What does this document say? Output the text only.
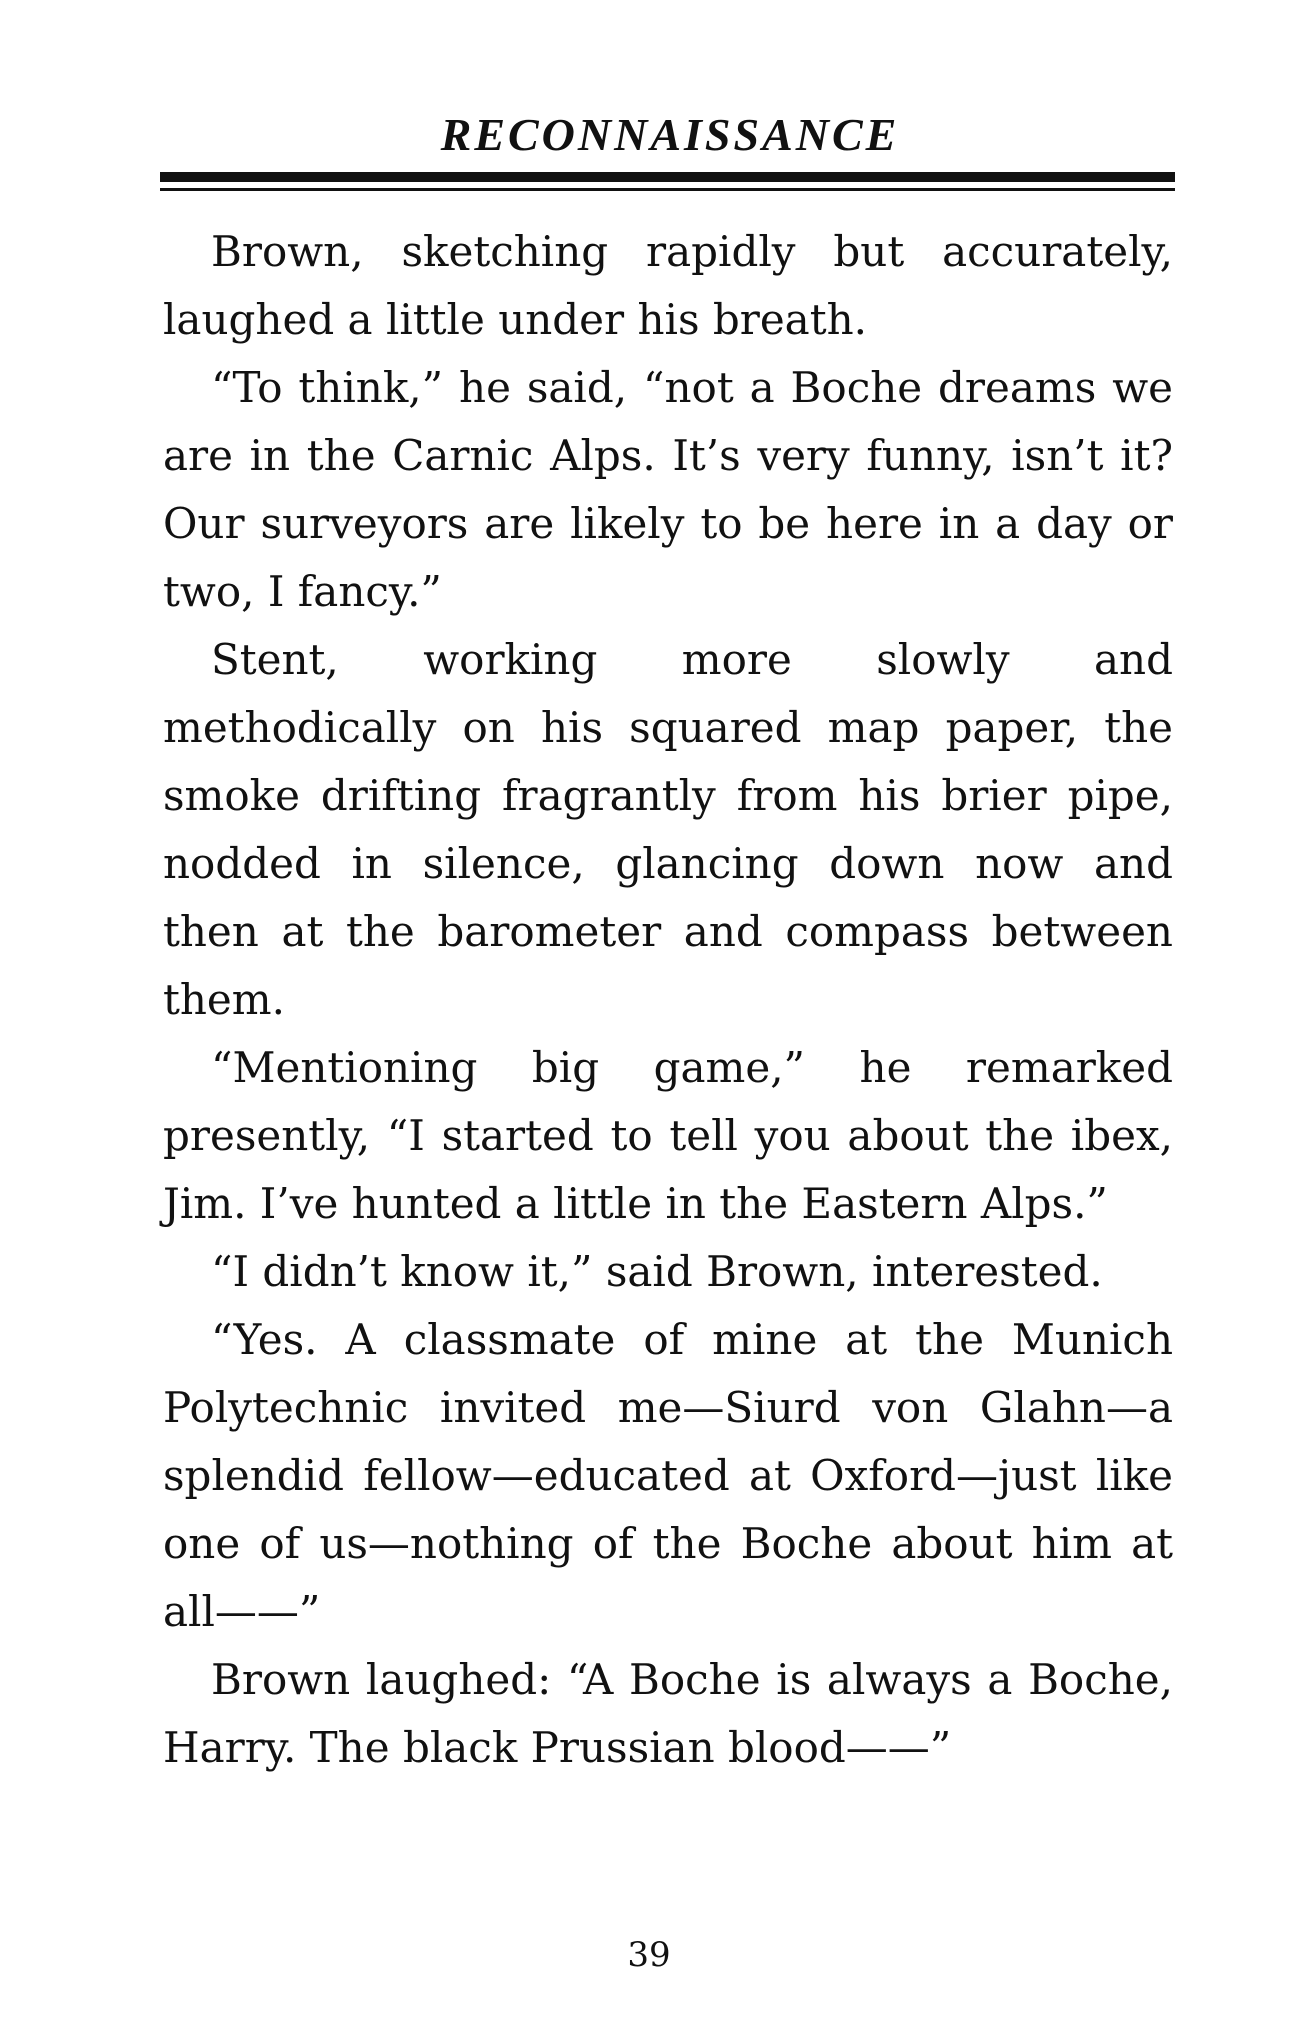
RECONNAISSANCE

Brown, sketching rapidly but accurately, laughed a little under his breath.

“To think,” he said, “not a Boche dreams we are in the Carnic Alps. It’s very funny, isn’t it? Our surveyors are likely to be here in a day or two, I fancy.”

Stent, working more slowly and methodically on his squared map paper, the smoke drifting fragrantly from his brier pipe, nodded in silence, glancing down now and then at the barometer and compass between them.

“Mentioning big game,” he remarked presently, “I started to tell you about the ibex, Jim. I’ve hunted a little in the Eastern Alps.”

“I didn’t know it,” said Brown, interested.

“Yes. A classmate of mine at the Munich Polytechnic invited me—Siurd von Glahn—a splendid fellow—educated at Oxford—just like one of us—nothing of the Boche about him at all——”

Brown laughed: “A Boche is always a Boche, Harry. The black Prussian blood——”

39
